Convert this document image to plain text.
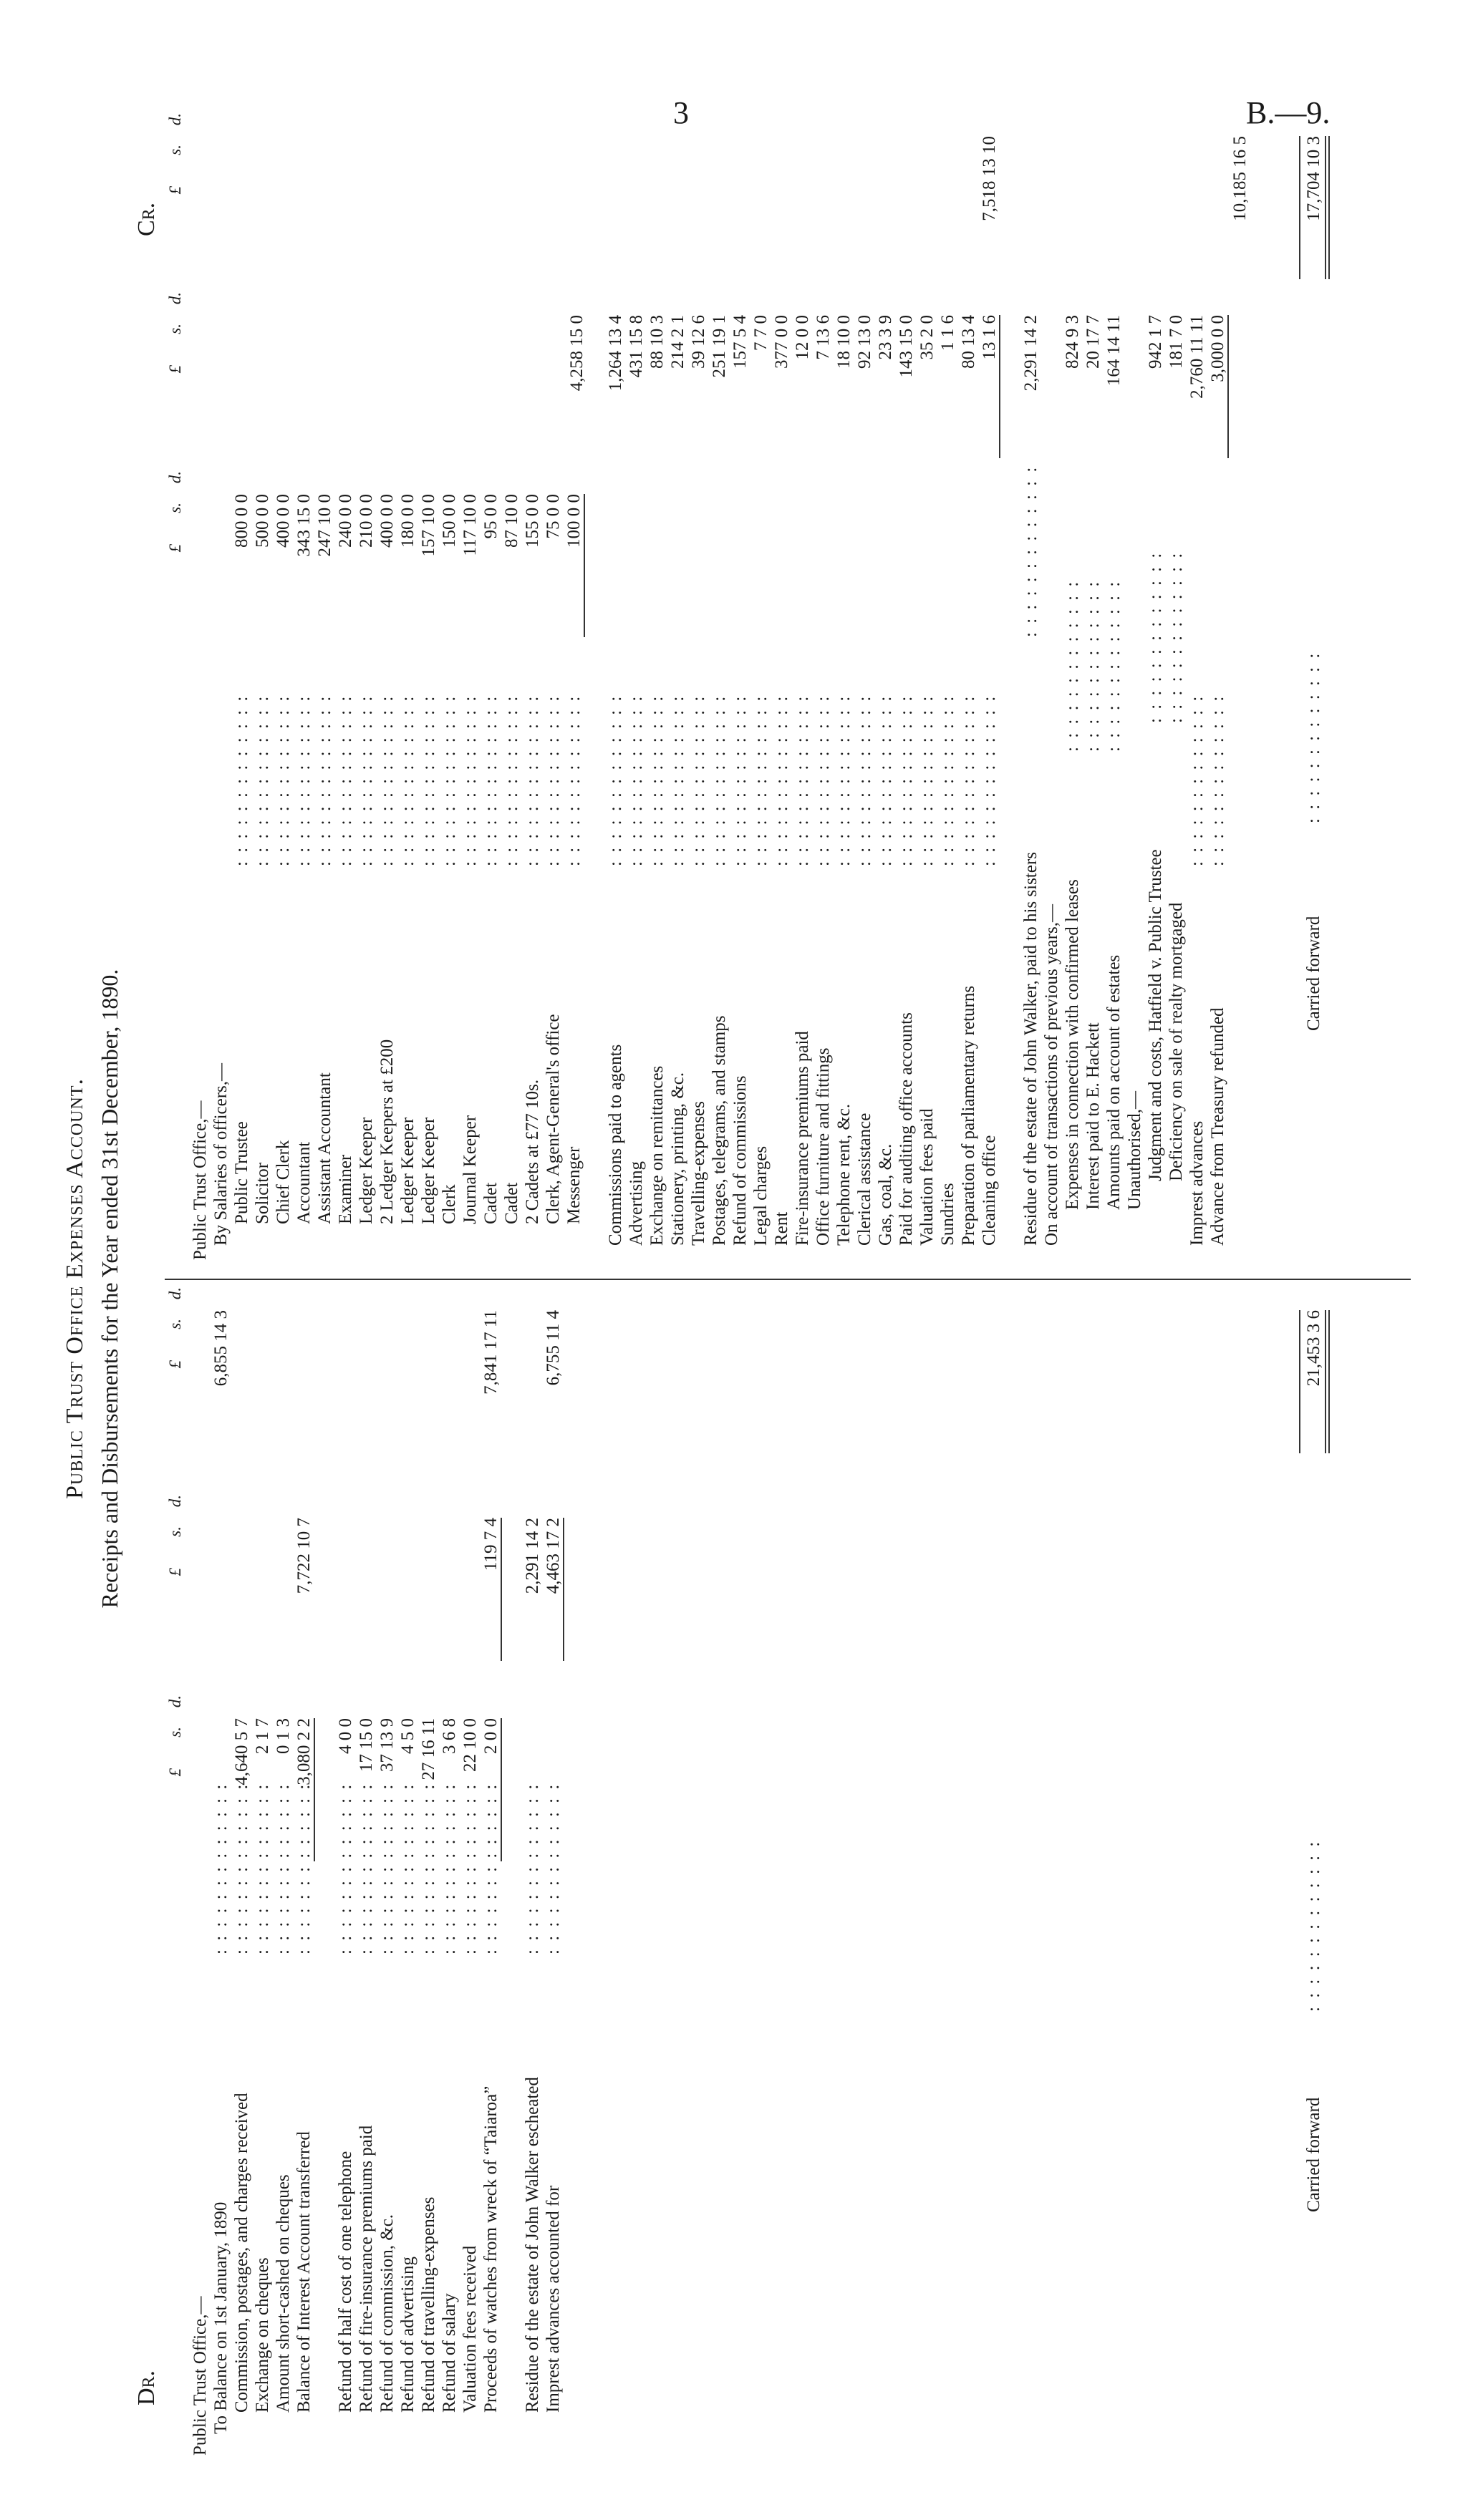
3	B.—9.
Public Trust Office Expenses Account. Receipts and Disbursements for the Year ended 31st December, 1890.
Dr.
Cr.
£
s.
d.
£
s.
d.
£
s.
d.
Public Trust Office,— To Balance on 1st January, 1890
: : : : : : : : : : : : :
6,855 14 3
Commission, postages, and charges received
: : : : : : : : : : : : :
4,640 5 7
Exchange on cheques
: : : : : : : : : : : : :
2 1 7
Amount short-cashed on cheques
: : : : : : : : : : : : :
0 1 3
Balance of Interest Account transferred
: : : : : : : : : : : : :
3,080 2 2
7,722 10 7
Refund of half cost of one telephone
: : : : : : : : : : : : :
4 0 0
Refund of fire-insurance premiums paid
: : : : : : : : : : : : :
17 15 0
Refund of commission, &c.
: : : : : : : : : : : : :
37 13 9
Refund of advertising
: : : : : : : : : : : : :
4 5 0
Refund of travelling-expenses
: : : : : : : : : : : : :
27 16 11
Refund of salary
: : : : : : : : : : : : :
3 6 8
Valuation fees received
: : : : : : : : : : : : :
22 10 0
Proceeds of watches from wreck of “Taiaroa”
: : : : : : : : : : : : :
2 0 0
119 7 4
7,841 17 11
Residue of the estate of John Walker escheated
: : : : : : : : : : : : :
2,291 14 2
Imprest advances accounted for
: : : : : : : : : : : : :
4,463 17 2
6,755 11 4
Carried forward
: : : : : : : : : : : : :
21,453 3 6
£
s.
d.
£
s.
d.
£
s.
d.
Public Trust Office,— By Salaries of officers,— Public Trustee
: : : : : : : : : : : : :
800 0 0
Solicitor
: : : : : : : : : : : : :
500 0 0
Chief Clerk
: : : : : : : : : : : : :
400 0 0
Accountant
: : : : : : : : : : : : :
343 15 0
Assistant Accountant
: : : : : : : : : : : : :
247 10 0
Examiner
: : : : : : : : : : : : :
240 0 0
Ledger Keeper
: : : : : : : : : : : : :
210 0 0
2 Ledger Keepers at £200
: : : : : : : : : : : : :
400 0 0
Ledger Keeper
: : : : : : : : : : : : :
180 0 0
Ledger Keeper
: : : : : : : : : : : : :
157 10 0
Clerk
: : : : : : : : : : : : :
150 0 0
Journal Keeper
: : : : : : : : : : : : :
117 10 0
Cadet
: : : : : : : : : : : : :
95 0 0
Cadet
: : : : : : : : : : : : :
87 10 0
2 Cadets at £77 10s.
: : : : : : : : : : : : :
155 0 0
Clerk, Agent-General's office
: : : : : : : : : : : : :
75 0 0
Messenger
: : : : : : : : : : : : :
100 0 0
4,258 15 0
Commissions paid to agents
: : : : : : : : : : : : :
1,264 13 4
Advertising
: : : : : : : : : : : : :
431 15 8
Exchange on remittances
: : : : : : : : : : : : :
88 10 3
Stationery, printing, &c.
: : : : : : : : : : : : :
214 2 1
Travelling-expenses
: : : : : : : : : : : : :
39 12 6
Postages, telegrams, and stamps
: : : : : : : : : : : : :
251 19 1
Refund of commissions
: : : : : : : : : : : : :
157 5 4
Legal charges
: : : : : : : : : : : : :
7 7 0
Rent
: : : : : : : : : : : : :
377 0 0
Fire-insurance premiums paid
: : : : : : : : : : : : :
12 0 0
Office furniture and fittings
: : : : : : : : : : : : :
7 13 6
Telephone rent, &c.
: : : : : : : : : : : : :
18 10 0
Clerical assistance
: : : : : : : : : : : : :
92 13 0
Gas, coal, &c.
: : : : : : : : : : : : :
23 3 9
Paid for auditing office accounts
: : : : : : : : : : : : :
143 15 0
Valuation fees paid
: : : : : : : : : : : : :
35 2 0
Sundries
: : : : : : : : : : : : :
1 1 6
Preparation of parliamentary returns
: : : : : : : : : : : : :
80 13 4
Cleaning office
: : : : : : : : : : : : :
13 1 6
7,518 13 10
Residue of the estate of John Walker, paid to his sisters
: : : : : : : : : : : : :
2,291 14 2
On account of transactions of previous years,— Expenses in connection with confirmed leases
: : : : : : : : : : : : :
824 9 3
Interest paid to E. Hackett
: : : : : : : : : : : : :
20 17 7
Amounts paid on account of estates
: : : : : : : : : : : : :
164 14 11
Unauthorised,— Judgment and costs, Hatfield v. Public Trustee
: : : : : : : : : : : : :
942 1 7
Deficiency on sale of realty mortgaged
: : : : : : : : : : : : :
181 7 0
Imprest advances
: : : : : : : : : : : : :
2,760 11 11
Advance from Treasury refunded
: : : : : : : : : : : : :
3,000 0 0
10,185 16 5
Carried forward
: : : : : : : : : : : : :
17,704 10 3
